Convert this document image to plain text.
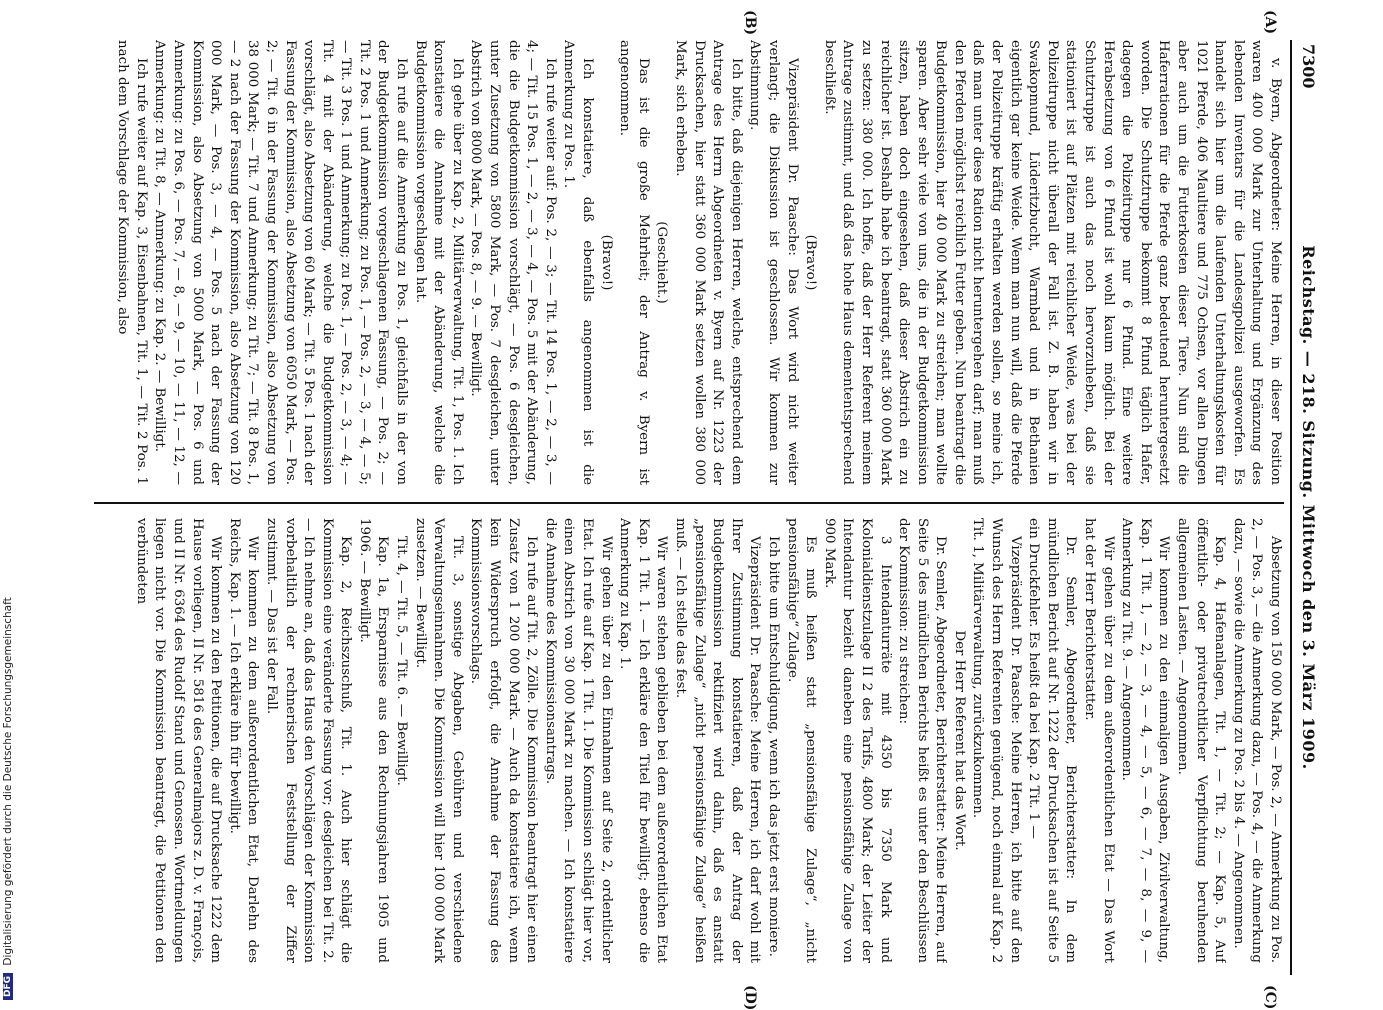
7300
Reichstag. — 218. Sitzung. Mittwoch den 3. März 1909.
(A)
(B)
(C)
(D)

v. Byern, Abgeordneter: Meine Herren, in dieser Position waren 400 000 Mark zur Unterhaltung und Ergänzung des lebenden Inventars für die Landesgpolizei ausgeworfen. Es handelt sich hier um die laufenden Unterhaltungskosten für 1021 Pferde, 406 Maultiere und 775 Ochsen, vor allen Dingen aber auch um die Futterkosten dieser Tiere. Nun sind die Haferrationen für die Pferde ganz bedeutend heruntergesetzt worden. Die Schutztruppe bekommt 8 Pfund täglich Hafer, dagegen die Polizeitruppe nur 6 Pfund. Eine weitere Herabsetzung von 6 Pfund ist wohl kaum möglich. Bei der Schutztruppe ist auch das noch hervorzuheben, daß sie stationiert ist auf Plätzen mit reichlicher Weide, was bei der Polizeitruppe nicht überall der Fall ist. Z. B. haben wir in Swakopmund, Lüderitzbucht, Warmbad und in Bethanien eigentlich gar keine Weide. Wenn man nun will, daß die Pferde der Polizeitruppe kräftig erhalten werden sollen, so meine ich, daß man unter diese Ration nicht heruntergehen darf; man muß den Pferden möglichst reichlich Futter geben. Nun beantragt die Budgetkommission, hier 40 000 Mark zu streichen; man wollte sparen. Aber sehr viele von uns, die in der Budgetkommission sitzen, haben doch eingesehen, daß dieser Abstrich ein zu reichlicher ist. Deshalb habe ich beantragt, statt 360 000 Mark zu setzen: 380 000. Ich hoffe, daß der Herr Referent meinem Antrage zustimmt, und daß das hohe Haus demententsprechend beschließt.

(Bravo!)

Vizepräsident Dr. Paasche: Das Wort wird nicht weiter verlangt; die Diskussion ist geschlossen. Wir kommen zur Abstimmung.

Ich bitte, daß diejenigen Herren, welche, entsprechend dem Antrage des Herrn Abgeordneten v. Byern auf Nr. 1223 der Drucksachen, hier statt 360 000 Mark setzen wollen 380 000 Mark, sich erheben.

(Geschieht.)

Das ist die große Mehrheit; der Antrag v. Byern ist angenommen.

(Bravo!)

Ich konstatiere, daß ebenfalls angenommen ist die Anmerkung zu Pos. 1.

Ich rufe weiter auf: Pos. 2, — 3; — Tit. 14 Pos. 1, — 2, — 3, — 4; — Tit. 15 Pos. 1, — 2, — 3, — 4, — Pos. 5 mit der Abänderung, die die Budgetkommission vorschlägt, — Pos. 6 desgleichen, unter Zusetzung von 5800 Mark, — Pos. 7 desgleichen, unter Abstrich von 8000 Mark, — Pos. 8, — 9. — Bewilligt.

Ich gehe über zu Kap. 2, Militärverwaltung, Tit. 1, Pos. 1. Ich konstatiere die Annahme mit der Abänderung, welche die Budgetkommission vorgeschlagen hat.

Ich rufe auf die Anmerkung zu Pos. 1, gleichfalls in der von der Budgetkommission vorgeschlagenen Fassung, — Pos. 2; — Tit. 2 Pos. 1 und Anmerkung; zu Pos. 1, — Pos. 2, — 3, — 4, — 5; — Tit. 3 Pos. 1 und Anmerkung; zu Pos. 1, — Pos. 2, — 3, — 4; — Tit. 4 mit der Abänderung, welche die Budgetkommission vorschlägt, also Absetzung von 60 Mark; — Tit. 5 Pos. 1 nach der Fassung der Kommission, also Absetzung von 6050 Mark, — Pos. 2; — Tit. 6 in der Fassung der Kommission, also Absetzung von 38 000 Mark; — Tit. 7 und Anmerkung; zu Tit. 7; — Tit. 8 Pos. 1, — 2 nach der Fassung der Kommission, also Absetzung von 120 000 Mark, — Pos. 3, — 4, — Pos. 5 nach der Fassung der Kommission, also Absetzung von 5000 Mark, — Pos. 6 und Anmerkung: zu Pos. 6, — Pos. 7, — 8, — 9, — 10, — 11, — 12, — Anmerkung: zu Tit. 8, — Anmerkung: zu Kap. 2. — Bewilligt.

Ich rufe weiter auf Kap. 3, Eisenbahnen, Tit. 1, — Tit. 2 Pos. 1 nach dem Vorschlage der Kommission, also

Absetzung von 150 000 Mark, — Pos. 2, — Anmerkung zu Pos. 2, — Pos. 3, — die Anmerkung dazu, — Pos. 4, — die Anmerkung dazu, — sowie die Anmerkung zu Pos. 2 bis 4. — Angenommen.

Kap. 4, Hafenanlagen, Tit. 1, — Tit. 2; — Kap. 5, Auf öffentlich- oder privatrechtlicher Verpflichtung beruhenden allgemeinen Lasten. — Angenommen.

Wir kommen zu den einmaligen Ausgaben, Zivilverwaltung, Kap. 1 Tit. 1, — 2, — 3, — 4, — 5, — 6, — 7, — 8, — 9, — Anmerkung zu Tit. 9. — Angenommen.

Wir gehen über zu dem außerordentlichen Etat — Das Wort hat der Herr Berichterstatter.

Dr. Semler, Abgeordneter, Berichterstatter: In dem mündlichen Bericht auf Nr. 1222 der Drucksachen ist auf Seite 5 ein Druckfehler. Es heißt da bei Kap. 2 Tit. 1 —

Vizepräsident Dr. Paasche: Meine Herren, ich bitte auf den Wunsch des Herrn Referenten genügend, noch einmal auf Kap. 2 Tit. 1, Militärverwaltung, zurückzukommen.

Der Herr Referent hat das Wort.

Dr. Semler, Abgeordneter, Berichterstatter: Meine Herren, auf Seite 5 des mündlichen Berichts heißt es unter den Beschlüssen der Kommission: zu streichen:

3 Intendanturräte mit 4350 bis 7350 Mark und Kolonialdienstzulage II 2 des Tarifs, 4800 Mark; der Leiter der Intendantur bezieht daneben eine pensionsfähige Zulage von 900 Mark.

Es muß heißen statt „pensionsfähige Zulage“, „nicht pensionsfähige“ Zulage.

Ich bitte um Entschuldigung, wenn ich das jetzt erst moniere.

Vizepräsident Dr. Paasche: Meine Herren, ich darf wohl mit Ihrer Zustimmung konstatieren, daß der Antrag der Budgetkommission rektifiziert wird dahin, daß es anstatt „pensionsfähige Zulage“ „nicht pensionsfähige Zulage“ heißen muß. — Ich stelle das fest.

Wir waren stehen geblieben bei dem außerordentlichen Etat Kap. 1 Tit. 1. — Ich erkläre den Titel für bewilligt; ebenso die Anmerkung zu Kap. 1.

Wir gehen über zu den Einnahmen auf Seite 2, ordentlicher Etat. Ich rufe auf Kap. 1 Tit. 1. Die Kommission schlägt hier vor, einen Abstrich von 30 000 Mark zu machen. — Ich konstatiere die Annahme des Kommissionsantrags.

Ich rufe auf Tit. 2, Zölle. Die Kommission beantragt hier einen Zusatz von 1 200 000 Mark. — Auch da konstatiere ich, wenn kein Widerspruch erfolgt, die Annahme der Fassung des Kommissionsvorschlags.

Tit. 3, sonstige Abgaben, Gebühren und verschiedene Verwaltungseinnahmen. Die Kommission will hier 100 000 Mark zusetzen. — Bewilligt.

Tit. 4, — Tit. 5, — Tit. 6. — Bewilligt.

Kap. 1a, Ersparnisse aus den Rechnungsjahren 1905 und 1906. — Bewilligt.

Kap. 2, Reichszuschuß, Tit. 1. Auch hier schlägt die Kommission eine veränderte Fassung vor; desgleichen bei Tit. 2. — Ich nehme an, daß das Haus den Vorschlägen der Kommission vorbehaltlich der rechnerischen Feststellung der Ziffer zustimmt. — Das ist der Fall.

Wir kommen zu dem außerordentlichen Etat, Darlehn des Reichs, Kap. 1. — Ich erkläre ihn für bewilligt.

Wir kommen zu den Petitionen, die auf Drucksache 1222 dem Hause vorliegen, II Nr. 5816 des Generalmajors z. D. v. François, und II Nr. 6364 des Rudolf Stand und Genossen. Wortmeldungen liegen nicht vor. Die Kommission beantragt, die Petitionen den verbündeten

DFG Digitalisierung gefördert durch die Deutsche Forschungsgemeinschaft
